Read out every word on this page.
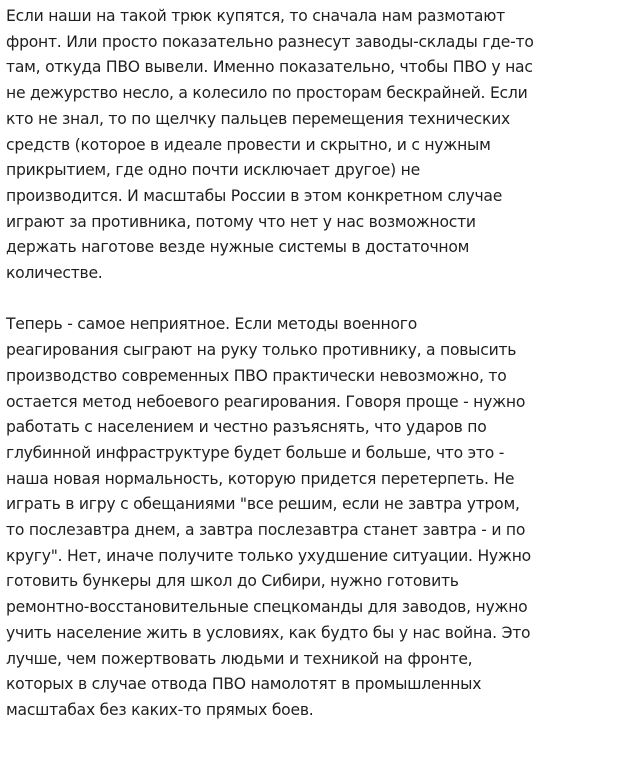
Если наши на такой трюк купятся, то сначала нам размотают
фронт. Или просто показательно разнесут заводы-склады где-то
там, откуда ПВО вывели. Именно показательно, чтобы ПВО у нас
не дежурство несло, а колесило по просторам бескрайней. Если
кто не знал, то по щелчку пальцев перемещения технических
средств (которое в идеале провести и скрытно, и с нужным
прикрытием, где одно почти исключает другое) не
производится. И масштабы России в этом конкретном случае
играют за противника, потому что нет у нас возможности
держать наготове везде нужные системы в достаточном
количестве.
Теперь - самое неприятное. Если методы военного
реагирования сыграют на руку только противнику, а повысить
производство современных ПВО практически невозможно, то
остается метод небоевого реагирования. Говоря проще - нужно
работать с населением и честно разъяснять, что ударов по
глубинной инфраструктуре будет больше и больше, что это -
наша новая нормальность, которую придется перетерпеть. Не
играть в игру с обещаниями "все решим, если не завтра утром,
то послезавтра днем, а завтра послезавтра станет завтра - и по
кругу". Нет, иначе получите только ухудшение ситуации. Нужно
готовить бункеры для школ до Сибири, нужно готовить
ремонтно-восстановительные спецкоманды для заводов, нужно
учить население жить в условиях, как будто бы у нас война. Это
лучше, чем пожертвовать людьми и техникой на фронте,
которых в случае отвода ПВО намолотят в промышленных
масштабах без каких-то прямых боев.
